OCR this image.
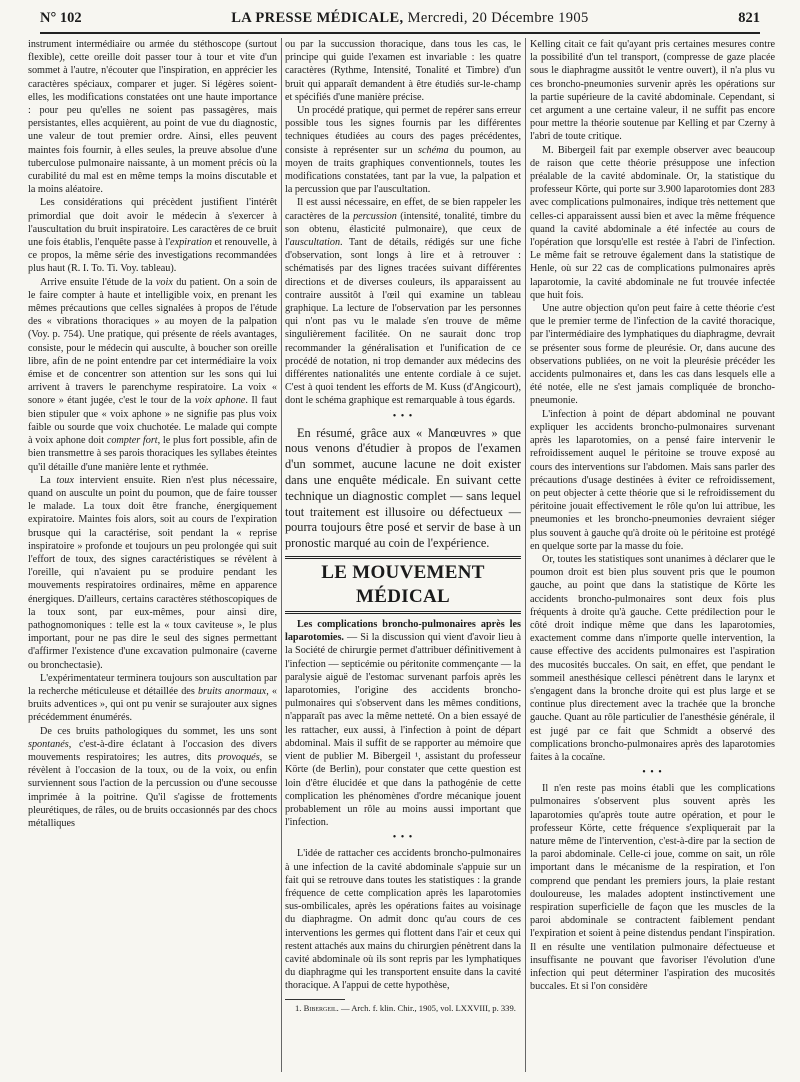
N° 102	LA PRESSE MÉDICALE, Mercredi, 20 Décembre 1905	821

instrument intermédiaire ou armée du stéthoscope (surtout flexible), cette oreille doit passer tour à tour et vite d'un sommet à l'autre, n'écouter que l'inspiration, en apprécier les caractères spéciaux, comparer et juger. Si légères soient-elles, les modifications constatées ont une haute importance : pour peu qu'elles ne soient pas passagères, mais persistantes, elles acquièrent, au point de vue du diagnostic, une valeur de tout premier ordre. Ainsi, elles peuvent maintes fois fournir, à elles seules, la preuve absolue d'une tuberculose pulmonaire naissante, à un moment précis où la curabilité du mal est en même temps la moins discutable et la moins aléatoire.

Les considérations qui précèdent justifient l'intérêt primordial que doit avoir le médecin à s'exercer à l'auscultation du bruit inspiratoire. Les caractères de ce bruit une fois établis, l'enquête passe à l'expiration et renouvelle, à ce propos, la même série des investigations recommandées plus haut (R. I. To. Ti. Voy. tableau).

Arrive ensuite l'étude de la voix du patient. On a soin de le faire compter à haute et intelligible voix, en prenant les mêmes précautions que celles signalées à propos de l'étude des « vibrations thoraciques » au moyen de la palpation (Voy. p. 754). Une pratique, qui présente de réels avantages, consiste, pour le médecin qui ausculte, à boucher son oreille libre, afin de ne point entendre par cet intermédiaire la voix émise et de concentrer son attention sur les sons qui lui arrivent à travers le parenchyme respiratoire. La voix « sonore » étant jugée, c'est le tour de la voix aphone. Il faut bien stipuler que « voix aphone » ne signifie pas plus voix faible ou sourde que voix chuchotée. Le malade qui compte à voix aphone doit compter fort, le plus fort possible, afin de bien transmettre à ses parois thoraciques les syllabes éteintes qu'il détaille d'une manière lente et rythmée.

La toux intervient ensuite. Rien n'est plus nécessaire, quand on ausculte un point du poumon, que de faire tousser le malade. La toux doit être franche, énergiquement expiratoire. Maintes fois alors, soit au cours de l'expiration brusque qui la caractérise, soit pendant la « reprise inspiratoire » profonde et toujours un peu prolongée qui suit l'effort de toux, des signes caractéristiques se révèlent à l'oreille, qui n'avaient pu se produire pendant les mouvements respiratoires ordinaires, même en apparence énergiques. D'ailleurs, certains caractères stéthoscopiques de la toux sont, par eux-mêmes, pour ainsi dire, pathognomoniques : telle est la « toux caviteuse », le plus important, pour ne pas dire le seul des signes permettant d'affirmer l'existence d'une excavation pulmonaire (caverne ou bronchectasie).

L'expérimentateur terminera toujours son auscultation par la recherche méticuleuse et détaillée des bruits anormaux, « bruits adventices », qui ont pu venir se surajouter aux signes précédemment énumérés.

De ces bruits pathologiques du sommet, les uns sont spontanés, c'est-à-dire éclatant à l'occasion des divers mouvements respiratoires; les autres, dits provoqués, se révèlent à l'occasion de la toux, ou de la voix, ou enfin surviennent sous l'action de la percussion ou d'une secousse imprimée à la poitrine. Qu'il s'agisse de frottements pleurétiques, de râles, ou de bruits occasionnés par des chocs métalliques

ou par la succussion thoracique, dans tous les cas, le principe qui guide l'examen est invariable : les quatre caractères (Rythme, Intensité, Tonalité et Timbre) d'un bruit qui apparaît demandent à être étudiés sur-le-champ et spécifiés d'une manière précise.

Un procédé pratique, qui permet de repérer sans erreur possible tous les signes fournis par les différentes techniques étudiées au cours des pages précédentes, consiste à représenter sur un schéma du poumon, au moyen de traits graphiques conventionnels, toutes les modifications constatées, tant par la vue, la palpation et la percussion que par l'auscultation.

Il est aussi nécessaire, en effet, de se bien rappeler les caractères de la percussion (intensité, tonalité, timbre du son obtenu, élasticité pulmonaire), que ceux de l'auscultation. Tant de détails, rédigés sur une fiche d'observation, sont longs à lire et à retrouver : schématisés par des lignes tracées suivant différentes directions et de diverses couleurs, ils apparaissent au contraire aussitôt à l'œil qui examine un tableau graphique. La lecture de l'observation par les personnes qui n'ont pas vu le malade s'en trouve de même singulièrement facilitée. On ne saurait donc trop recommander la généralisation et l'unification de ce procédé de notation, ni trop demander aux médecins des différentes nationalités une entente cordiale à ce sujet. C'est à quoi tendent les efforts de M. Kuss (d'Angicourt), dont le schéma graphique est remarquable à tous égards.

• • •

En résumé, grâce aux « Manœuvres » que nous venons d'étudier à propos de l'examen d'un sommet, aucune lacune ne doit exister dans une enquête médicale. En suivant cette technique un diagnostic complet — sans lequel tout traitement est illusoire ou défectueux — pourra toujours être posé et servir de base à un pronostic marqué au coin de l'expérience.

LE MOUVEMENT MÉDICAL

Les complications broncho-pulmonaires après les laparotomies. — Si la discussion qui vient d'avoir lieu à la Société de chirurgie permet d'attribuer définitivement à l'infection — septicémie ou péritonite commençante — la paralysie aiguë de l'estomac survenant parfois après les laparotomies, l'origine des accidents broncho-pulmonaires qui s'observent dans les mêmes conditions, n'apparaît pas avec la même netteté. On a bien essayé de les rattacher, eux aussi, à l'infection à point de départ abdominal. Mais il suffit de se rapporter au mémoire que vient de publier M. Bibergeil ¹, assistant du professeur Körte (de Berlin), pour constater que cette question est loin d'être élucidée et que dans la pathogénie de cette complication les phénomènes d'ordre mécanique jouent probablement un rôle au moins aussi important que l'infection.

• • •

L'idée de rattacher ces accidents broncho-pulmonaires à une infection de la cavité abdominale s'appuie sur un fait qui se retrouve dans toutes les statistiques : la grande fréquence de cette complication après les laparotomies sus-ombilicales, après les opérations faites au voisinage du diaphragme. On admit donc qu'au cours de ces interventions les germes qui flottent dans l'air et ceux qui restent attachés aux mains du chirurgien pénètrent dans la cavité abdominale où ils sont repris par les lymphatiques du diaphragme qui les transportent ensuite dans la cavité thoracique. A l'appui de cette hypothèse,

1. Bibergeil. — Arch. f. klin. Chir., 1905, vol. LXXVIII, p. 339.

Kelling citait ce fait qu'ayant pris certaines mesures contre la possibilité d'un tel transport, (compresse de gaze placée sous le diaphragme aussitôt le ventre ouvert), il n'a plus vu ces broncho-pneumonies survenir après les opérations sur la partie supérieure de la cavité abdominale. Cependant, si cet argument a une certaine valeur, il ne suffit pas encore pour mettre la théorie soutenue par Kelling et par Czerny à l'abri de toute critique.

M. Bibergeil fait par exemple observer avec beaucoup de raison que cette théorie présuppose une infection préalable de la cavité abdominale. Or, la statistique du professeur Körte, qui porte sur 3.900 laparotomies dont 283 avec complications pulmonaires, indique très nettement que celles-ci apparaissent aussi bien et avec la même fréquence quand la cavité abdominale a été infectée au cours de l'opération que lorsqu'elle est restée à l'abri de l'infection. Le même fait se retrouve également dans la statistique de Henle, où sur 22 cas de complications pulmonaires après laparotomie, la cavité abdominale ne fut trouvée infectée que huit fois.

Une autre objection qu'on peut faire à cette théorie c'est que le premier terme de l'infection de la cavité thoracique, par l'intermédiaire des lymphatiques du diaphragme, devrait se présenter sous forme de pleurésie. Or, dans aucune des observations publiées, on ne voit la pleurésie précéder les accidents pulmonaires et, dans les cas dans lesquels elle a été notée, elle ne s'est jamais compliquée de broncho-pneumonie.

L'infection à point de départ abdominal ne pouvant expliquer les accidents broncho-pulmonaires survenant après les laparotomies, on a pensé faire intervenir le refroidissement auquel le péritoine se trouve exposé au cours des interventions sur l'abdomen. Mais sans parler des précautions d'usage destinées à éviter ce refroidissement, on peut objecter à cette théorie que si le refroidissement du péritoine jouait effectivement le rôle qu'on lui attribue, les pneumonies et les broncho-pneumonies devraient siéger plus souvent à gauche qu'à droite où le péritoine est protégé en quelque sorte par la masse du foie.

Or, toutes les statistiques sont unanimes à déclarer que le poumon droit est bien plus souvent pris que le poumon gauche, au point que dans la statistique de Körte les accidents broncho-pulmonaires sont deux fois plus fréquents à droite qu'à gauche. Cette prédilection pour le côté droit indique même que dans les laparotomies, exactement comme dans n'importe quelle intervention, la cause effective des accidents pulmonaires est l'aspiration des mucosités buccales. On sait, en effet, que pendant le sommeil anesthésique cellesci pénètrent dans le larynx et s'engagent dans la bronche droite qui est plus large et se continue plus directement avec la trachée que la bronche gauche. Quant au rôle particulier de l'anesthésie générale, il est jugé par ce fait que Schmidt a observé des complications broncho-pulmonaires après des laparotomies faites à la cocaïne.

• • •

Il n'en reste pas moins établi que les complications pulmonaires s'observent plus souvent après les laparotomies qu'après toute autre opération, et pour le professeur Körte, cette fréquence s'expliquerait par la nature même de l'intervention, c'est-à-dire par la section de la paroi abdominale. Celle-ci joue, comme on sait, un rôle important dans le mécanisme de la respiration, et l'on comprend que pendant les premiers jours, la plaie restant douloureuse, les malades adoptent instinctivement une respiration superficielle de façon que les muscles de la paroi abdominale se contractent faiblement pendant l'expiration et soient à peine distendus pendant l'inspiration. Il en résulte une ventilation pulmonaire défectueuse et insuffisante ne pouvant que favoriser l'évolution d'une infection qui peut déterminer l'aspiration des mucosités buccales. Et si l'on considère
